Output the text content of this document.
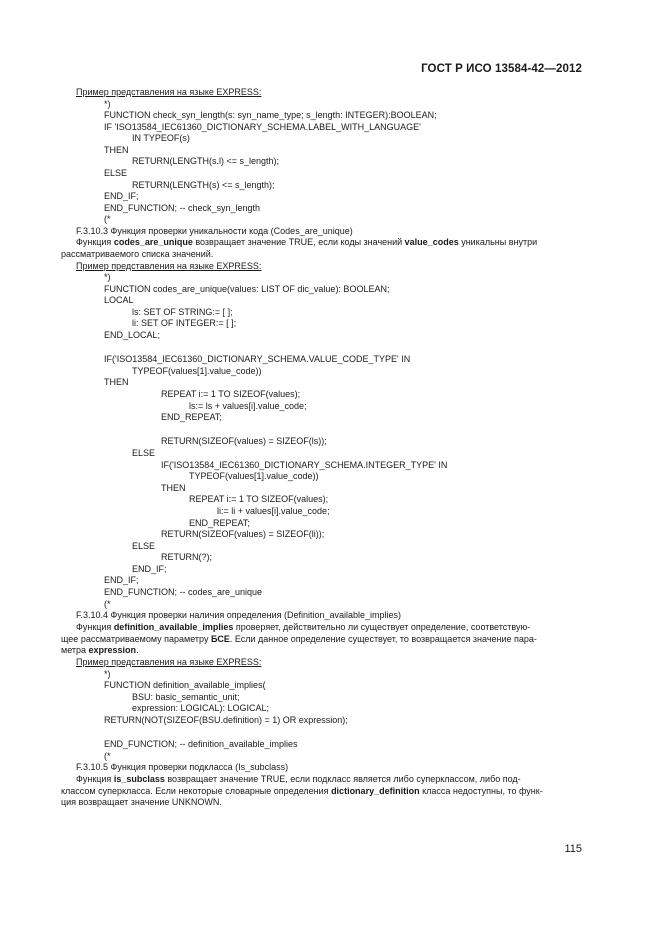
ГОСТ Р ИСО 13584-42—2012
Пример представления на языке EXPRESS:
*)
FUNCTION check_syn_length(s: syn_name_type; s_length: INTEGER):BOOLEAN;
IF 'ISO13584_IEC61360_DICTIONARY_SCHEMA.LABEL_WITH_LANGUAGE'
IN TYPEOF(s)
THEN
RETURN(LENGTH(s.l) <= s_length);
ELSE
RETURN(LENGTH(s) <= s_length);
END_IF;
END_FUNCTION; -- check_syn_length
(*
F.3.10.3 Функция проверки уникальности кода (Codes_are_unique)
Функция codes_are_unique возвращает значение TRUE, если коды значений value_codes уникальны внутри
рассматриваемого списка значений.
Пример представления на языке EXPRESS:
*)
FUNCTION codes_are_unique(values: LIST OF dic_value): BOOLEAN;
LOCAL
ls: SET OF STRING:= [ ];
li: SET OF INTEGER:= [ ];
END_LOCAL;
IF('ISO13584_IEC61360_DICTIONARY_SCHEMA.VALUE_CODE_TYPE' IN
TYPEOF(values[1].value_code))
THEN
REPEAT i:= 1 TO SIZEOF(values);
ls:= ls + values[i].value_code;
END_REPEAT;
RETURN(SIZEOF(values) = SIZEOF(ls));
ELSE
IF('ISO13584_IEC61360_DICTIONARY_SCHEMA.INTEGER_TYPE' IN
TYPEOF(values[1].value_code))
THEN
REPEAT i:= 1 TO SIZEOF(values);
li:= li + values[i].value_code;
END_REPEAT;
RETURN(SIZEOF(values) = SIZEOF(li));
ELSE
RETURN(?);
END_IF;
END_IF;
END_FUNCTION; -- codes_are_unique
(*
F.3.10.4 Функция проверки наличия определения (Definition_available_implies)
Функция definition_available_implies проверяет, действительно ли существует определение, соответствую-
щее рассматриваемому параметру БСЕ. Если данное определение существует, то возвращается значение пара-
метра expression.
Пример представления на языке EXPRESS:
*)
FUNCTION definition_available_implies(
BSU: basic_semantic_unit;
expression: LOGICAL): LOGICAL;
RETURN(NOT(SIZEOF(BSU.definition) = 1) OR expression);
END_FUNCTION; -- definition_available_implies
(*
F.3.10.5 Функция проверки подкласса (Is_subclass)
Функция is_subclass возвращает значение TRUE, если подкласс является либо суперклассом, либо под-
классом суперкласса. Если некоторые словарные определения dictionary_definition класса недоступны, то функ-
ция возвращает значение UNKNOWN.
115
